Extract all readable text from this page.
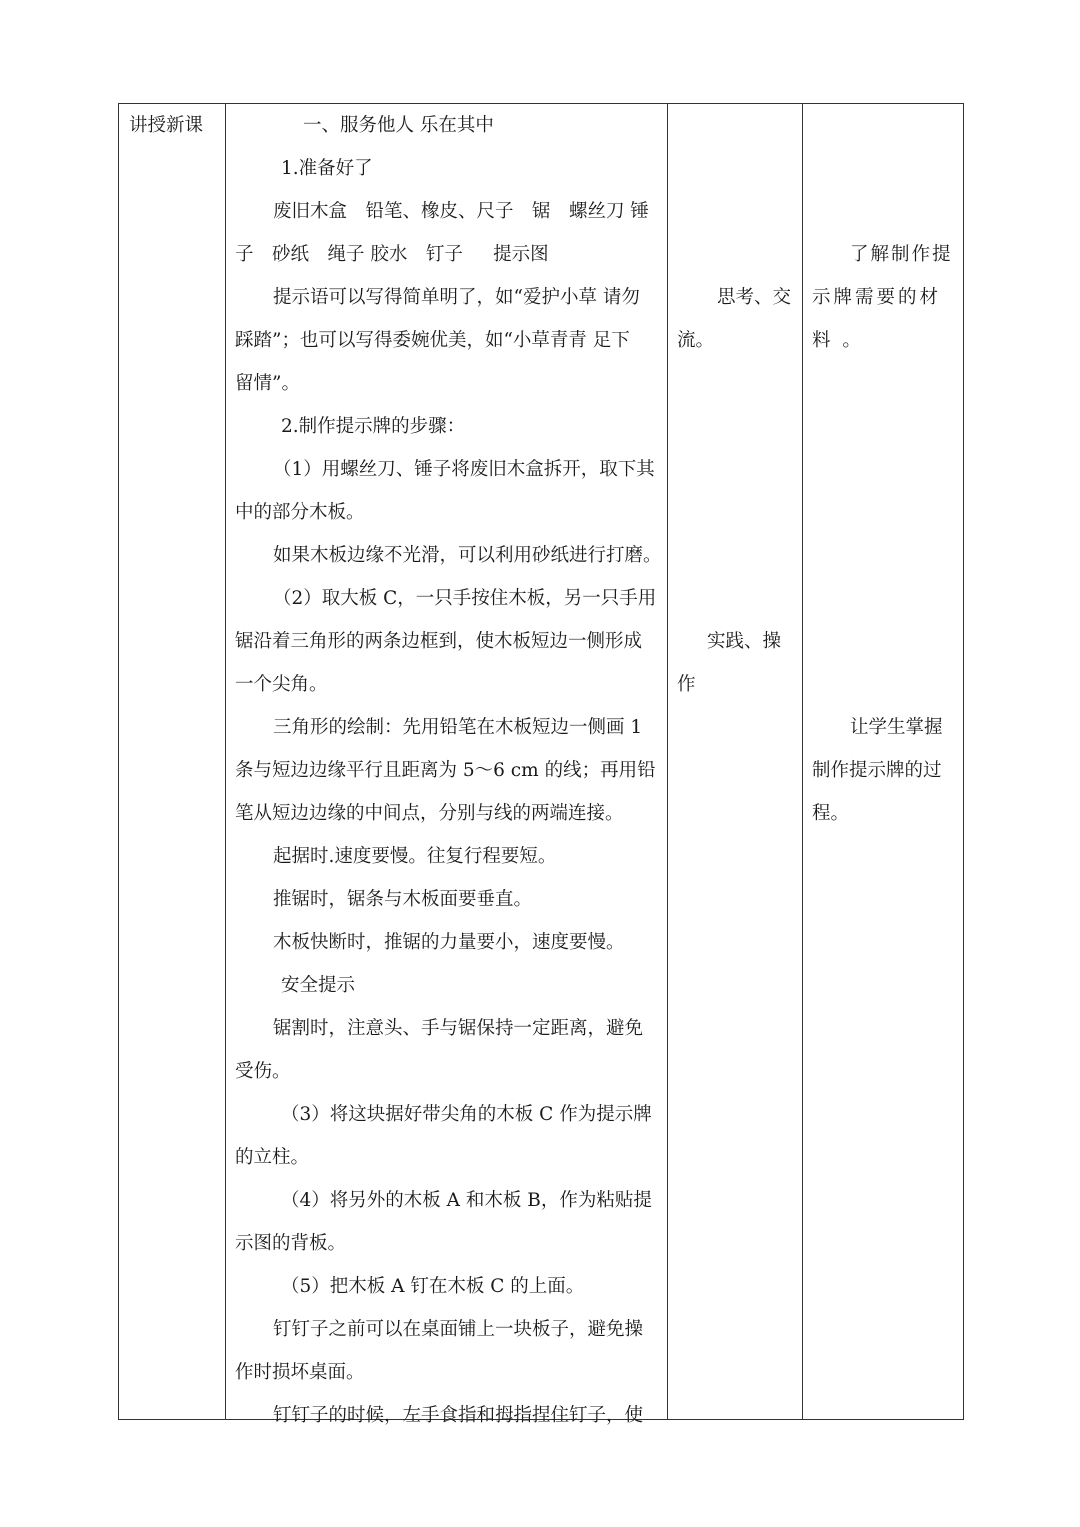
讲授新课	一、服务他人 乐在其中
1.准备好了
废旧木盒　铅笔、橡皮、尺子　锯　螺丝刀 锤
子　砂纸　绳子 胶水　钉子　  提示图
提示语可以写得简单明了，如“爱护小草 请勿
踩踏”；也可以写得委婉优美，如“小草青青 足下
留情”。
2.制作提示牌的步骤：
（1）用螺丝刀、锤子将废旧木盒拆开，取下其
中的部分木板。
如果木板边缘不光滑，可以利用砂纸进行打磨。
（2）取大板 C，一只手按住木板，另一只手用
锯沿着三角形的两条边框到，使木板短边一侧形成
一个尖角。
三角形的绘制：先用铅笔在木板短边一侧画 1
条与短边边缘平行且距离为 5～6 cm 的线；再用铅
笔从短边边缘的中间点，分别与线的两端连接。
起据时.速度要慢。往复行程要短。
推锯时，锯条与木板面要垂直。
木板快断时，推锯的力量要小，速度要慢。
安全提示
锯割时，注意头、手与锯保持一定距离，避免
受伤。
（3）将这块据好带尖角的木板 C 作为提示牌
的立柱。
（4）将另外的木板 A 和木板 B，作为粘贴提
示图的背板。
（5）把木板 A 钉在木板 C 的上面。
钉钉子之前可以在桌面铺上一块板子，避免操
作时损坏桌面。
钉钉子的时候，左手食指和拇指捏住钉子，使
思考、交
流。
实践、操
作
了解制作提
示牌需要的材
料 。
让学生掌握
制作提示牌的过
程。
